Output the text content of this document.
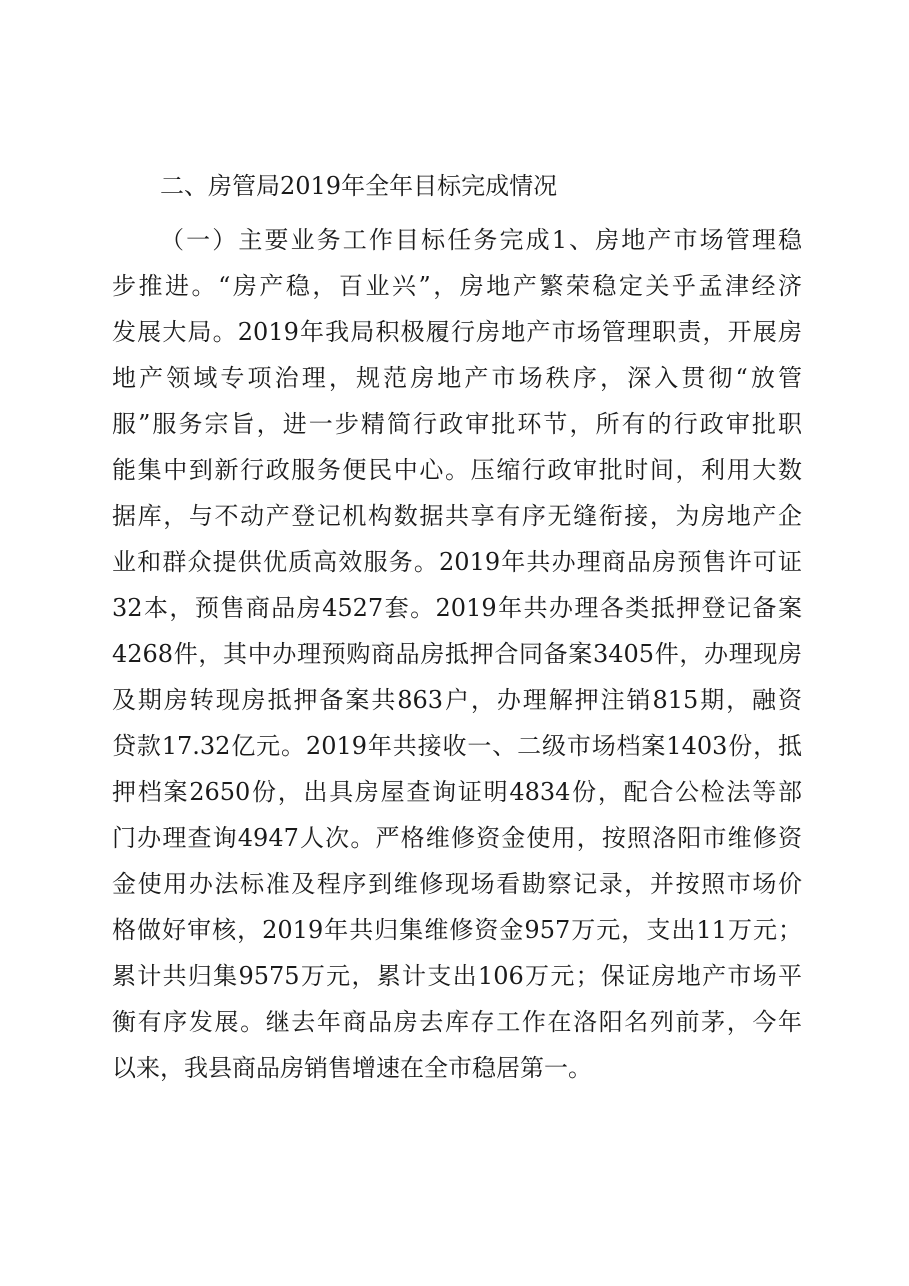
二、房管局2019年全年目标完成情况
（一）主要业务工作目标任务完成1、房地产市场管理稳
步推进。“房产稳，百业兴”，房地产繁荣稳定关乎孟津经济
发展大局。2019年我局积极履行房地产市场管理职责，开展房
地产领域专项治理，规范房地产市场秩序，深入贯彻“放管
服”服务宗旨，进一步精简行政审批环节，所有的行政审批职
能集中到新行政服务便民中心。压缩行政审批时间，利用大数
据库，与不动产登记机构数据共享有序无缝衔接，为房地产企
业和群众提供优质高效服务。2019年共办理商品房预售许可证
32本，预售商品房4527套。2019年共办理各类抵押登记备案
4268件，其中办理预购商品房抵押合同备案3405件，办理现房
及期房转现房抵押备案共863户，办理解押注销815期，融资
贷款17.32亿元。2019年共接收一、二级市场档案1403份，抵
押档案2650份，出具房屋查询证明4834份，配合公检法等部
门办理查询4947人次。严格维修资金使用，按照洛阳市维修资
金使用办法标准及程序到维修现场看勘察记录，并按照市场价
格做好审核，2019年共归集维修资金957万元，支出11万元；
累计共归集9575万元，累计支出106万元；保证房地产市场平
衡有序发展。继去年商品房去库存工作在洛阳名列前茅，今年
以来，我县商品房销售增速在全市稳居第一。
